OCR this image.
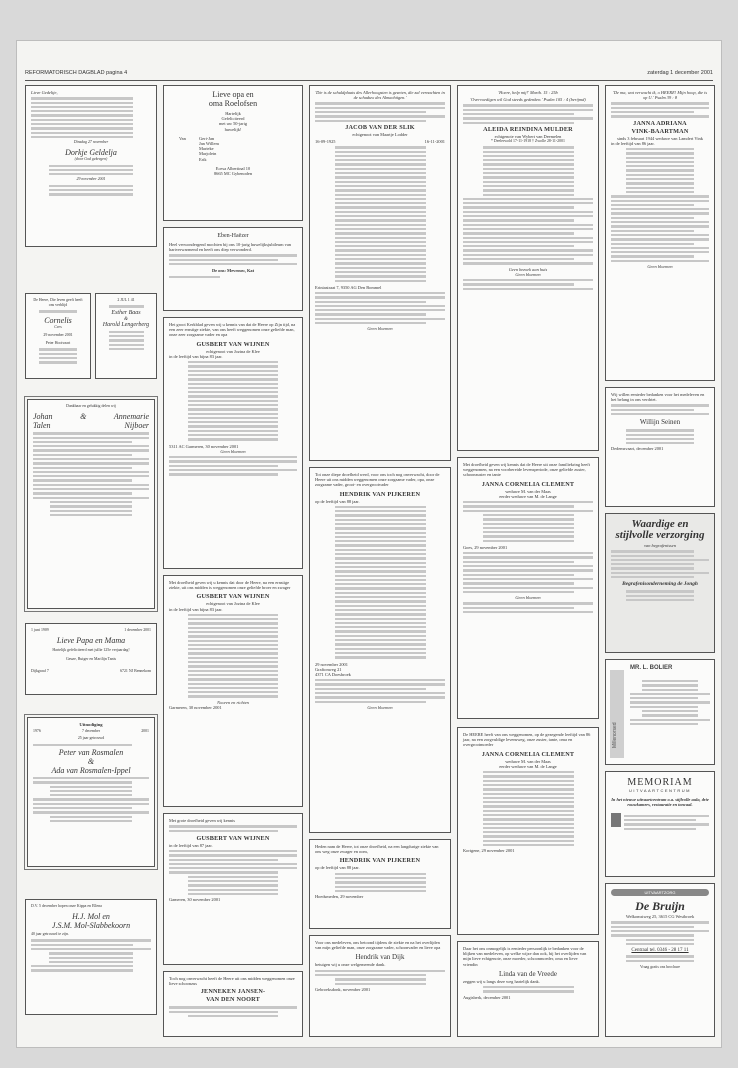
REFORMATORISCH DAGBLAD pagina 4	zaterdag 1 december 2001
Lieve Gedeltje,
Dinsdag 27 november
Dorkje Geldelja
(door God gekregen)
29 november 2001
De Heere, Die leven geeft heeft ons verblijd
Cornelis
Cees
29 november 2001
Peter Hooivaart
2 JUL 1 41
Esther Baas
&
Harold Lengerberg
Dankbaar en gelukkig delen wij
Johan	&	Annemarie
Talen	Nijboer
1 juni 1909	1 december 2001
Lieve Papa en Mama
Hartelijk gefeliciteerd met jullie 125e verjaardag!
Geuze, Rutger en Marilijn Tanis
Dijkgraaf 7	6721 NJ Bennekom
Uitnodiging
1976	7 december	2001
25 jaar getrouwd
Peter van Rosmalen
&
Ada van Rosmalen-Ippel
D.V. 5 december hopen onze Kippa en Ellena
H.J. Mol en
J.S.M. Mol-Slabbekoorn
40 jaar getrouwd te zijn.
Lieve opa en
oma Roelofsen
Hartelijk
Gefeliciteerd
met uw 50-jarig
huwelijk!
Van	Geri-Jan
Jan Willem
Marieke
Marjolein
Erik
Ecesa Albertinal 10
8665 MC Gybenoden
Eben-Haëzer
Heel verwondergend mochten bij ons 10-jarig huwelijksjubileum van hartverwarmend en heeft ons diep verwonderd.
De ons: Mevrouw, Kat
Het groot Kerkblad geven wij u kennis van dat de Heere op Zijn tijd, na een zeer ernstige ziekte, van ons heeft weggenomen onze geliefde man, onze zeer zorgzame vader en opa
GUSBERT VAN WIJNEN
echtgenoot van Jozina de Klee
in de leeftijd van bijna 83 jaar.
5311 AC Garmeren, 30 november 2001
Geen bloemen
Met droefheid geven wij u kennis dat door de Heere, na een ernstige ziekte, uit ons midden is weggenomen onze geliefde broer en zwager
GUSBERT VAN WIJNEN
echtgenoot van Jozina de Klee
in de leeftijd van bijna 83 jaar.
Nooren en richten
Garmeren, 30 november 2001
Met grote droefheid geven wij kennis
GUSBERT VAN WIJNEN
in de leeftijd van 87 jaar.
Gameren, 30 november 2001
Toch nog onverwacht heeft de Heere uit ons midden weggenomen onze lieve schoonzus
JENNEKEN JANSEN-
VAN DEN NOORT
'Die is de schuldplaats des Allerhoogsten is gezeten, die zal vernachten in de schaduw des Almachtigen.'
JACOB VAN DER SLIK
echtgenoot van Maartje Lodder
16-09-1925	16-11-2001
Eriniastraat 7, 9350 AG Den Bommel
Geen bloemen
Tot onze diepe droefheid werd, voor ons toch nog onverwacht, door de Heere uit ons midden weggenomen onze zorgzame vader, opa, onze zorgzame vader, groot- en overgrootvader
HENDRIK VAN PIJKEREN
op de leeftijd van 88 jaar.
29 november 2001
Graftonweg 21
4371 CA Doesbroek
Geen bloemen
Heden nam de Heere, tot onze droefheid, na een langdurige ziekte van ons weg onze zwager en oom,
HENDRIK VAN PIJKEREN
op de leeftijd van 88 jaar.
Hoedsmeden, 29 november
Voor ons medeleven, ons betoond tijdens de ziekte en na het overlijden van mijn geliefde man, onze zorgzame vader, schoonvader en lieve opa
Hendrik van Dijk
betuigen wij u onze welgemeende dank.
Gebroeksdonk, november 2001
'Hoere, help mij!' Marth. 15 : 25b
'Overvoedigen wil God steeds gedenken.' Psalm 105 : 4 (berijmd)
ALEIDA REINDINA MULDER
echtgenote van Wybert van Deemelen
* Deelerwold 17-11-1918 † Zwolle 28-11-2001
Geen bezoek aan huis
Geen bloemen
Met droefheid geven wij kennis dat de Heere uit onze familiekring heeft weggenomen, na een voorbereide levensperiode, onze geliefde zuster, schoonzuster en tante
JANNA CORNELIA CLEMENT
weduwe M. van der Maas
eerder weduwe van M. de Lange
Goes, 29 november 2001
Geen bloemen
De HEERE heeft van ons weggenomen, op de gezegende leeftijd van 86 jaar, na een zorgvuldige levensweg, onze zuster, tante, oma en overgrootmoeder
JANNA CORNELIA CLEMENT
weduwe M. van der Maas
eerder weduwe van M. de Lange
Kortgene, 29 november 2001
Daar het ons onmogelijk is eenieder persoonlijk te bedanken voor de blijken van medeleven, op welke wijze dan ook, bij het overlijden van mijn lieve echtgenote, onze moeder, schoonmoeder, oma en lieve vriendin
Linda van de Vreede
zeggen wij u langs deze weg hartelijk dank.
Augisberk, december 2001
'De ma, wat verwacht ik, o HEERE! Mijn hoop, die is op U.' Psalm 39 : 8
JANNA ADRIANA
VINK-BAARTMAN
sinds 3 februari 1944 weduwe van Lamdert Vink
in de leeftijd van 86 jaar.
Geen bloemen
Wij willen eenieder bedanken voor het medeleven en het belang in ons verdriet.
Willijn Seinen
Dedemsvaart, december 2001
Waardige en
stijlvolle verzorging
van begrafenissen
Begrafenisonderneming de Jongh
Millenorsed
MR. L. BOLIER
MEMORIAM
UITVAARTCENTRUM
In het nieuwe uitvaartcentrum o.a. stijlvolle aula, drie rouwkamers, restauratie en toncaal.
UITVAARTZORG
De Bruijn
Welkomstweg 25, 3615 CG Westbroek
Centraal tel. 0346 - 28 17 11
Vraag gratis ons brochure
